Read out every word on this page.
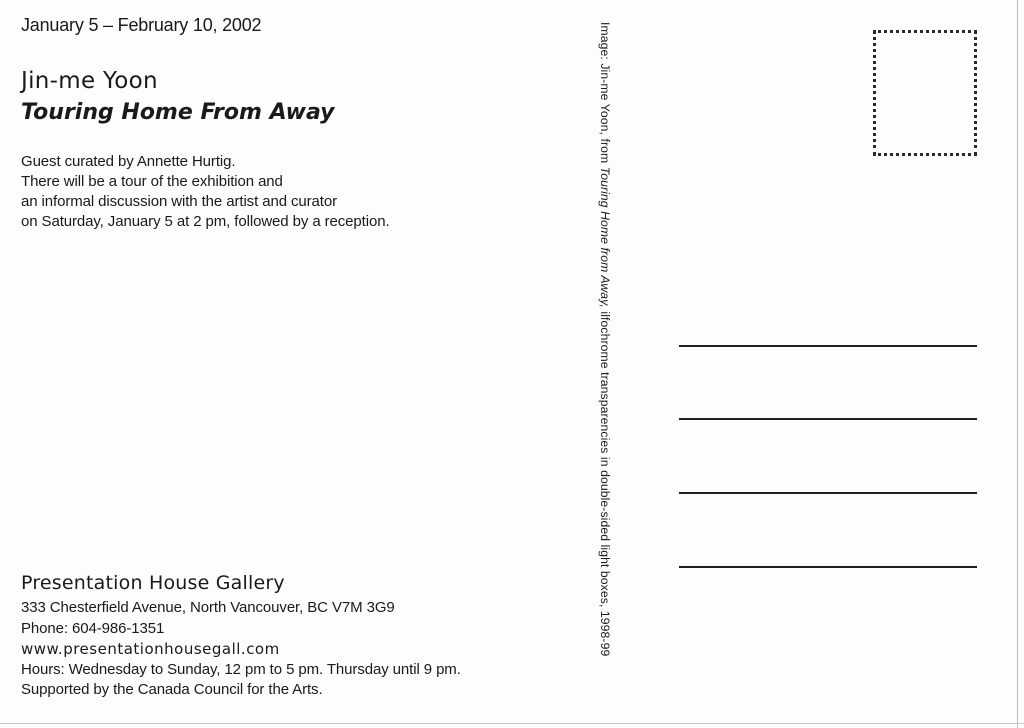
January 5 – February 10, 2002
Jin-me Yoon
Touring Home From Away
Guest curated by Annette Hurtig.
There will be a tour of the exhibition and
an informal discussion with the artist and curator
on Saturday, January 5 at 2 pm, followed by a reception.
Presentation House Gallery
333 Chesterfield Avenue, North Vancouver, BC V7M 3G9
Phone: 604-986-1351
www.presentationhousegall.com
Hours: Wednesday to Sunday, 12 pm to 5 pm. Thursday until 9 pm.
Supported by the Canada Council for the Arts.
Image: Jin-me Yoon, from Touring Home from Away, ilfochrome transparencies in double-sided light boxes, 1998-99
